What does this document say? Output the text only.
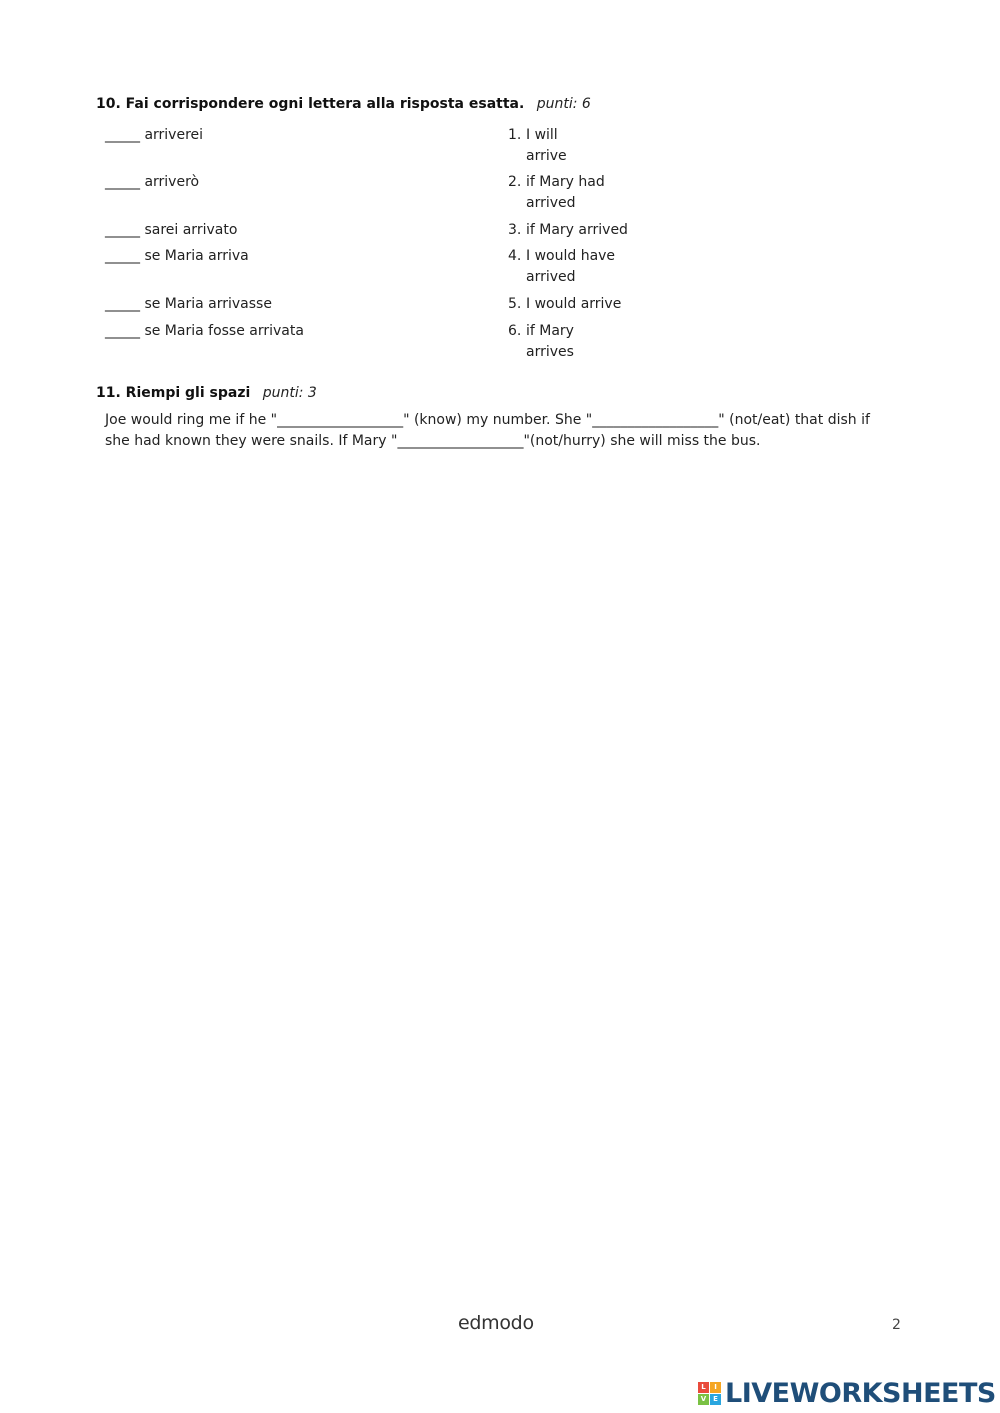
10. Fai corrispondere ogni lettera alla risposta esatta. punti: 6
_____ arriverei
_____ arriverò
_____ sarei arrivato
_____ se Maria arriva
_____ se Maria arrivasse
_____ se Maria fosse arrivata
1. I will arrive
2. if Mary had arrived
3. if Mary arrived
4. I would have arrived
5. I would arrive
6. if Mary arrives
11. Riempi gli spazi punti: 3
Joe would ring me if he "__________________" (know) my number. She "__________________" (not/eat) that dish if she had known they were snails. If Mary "__________________"(not/hurry) she will miss the bus.
edmodo	2
L	I
V E LIVEWORKSHEETS
